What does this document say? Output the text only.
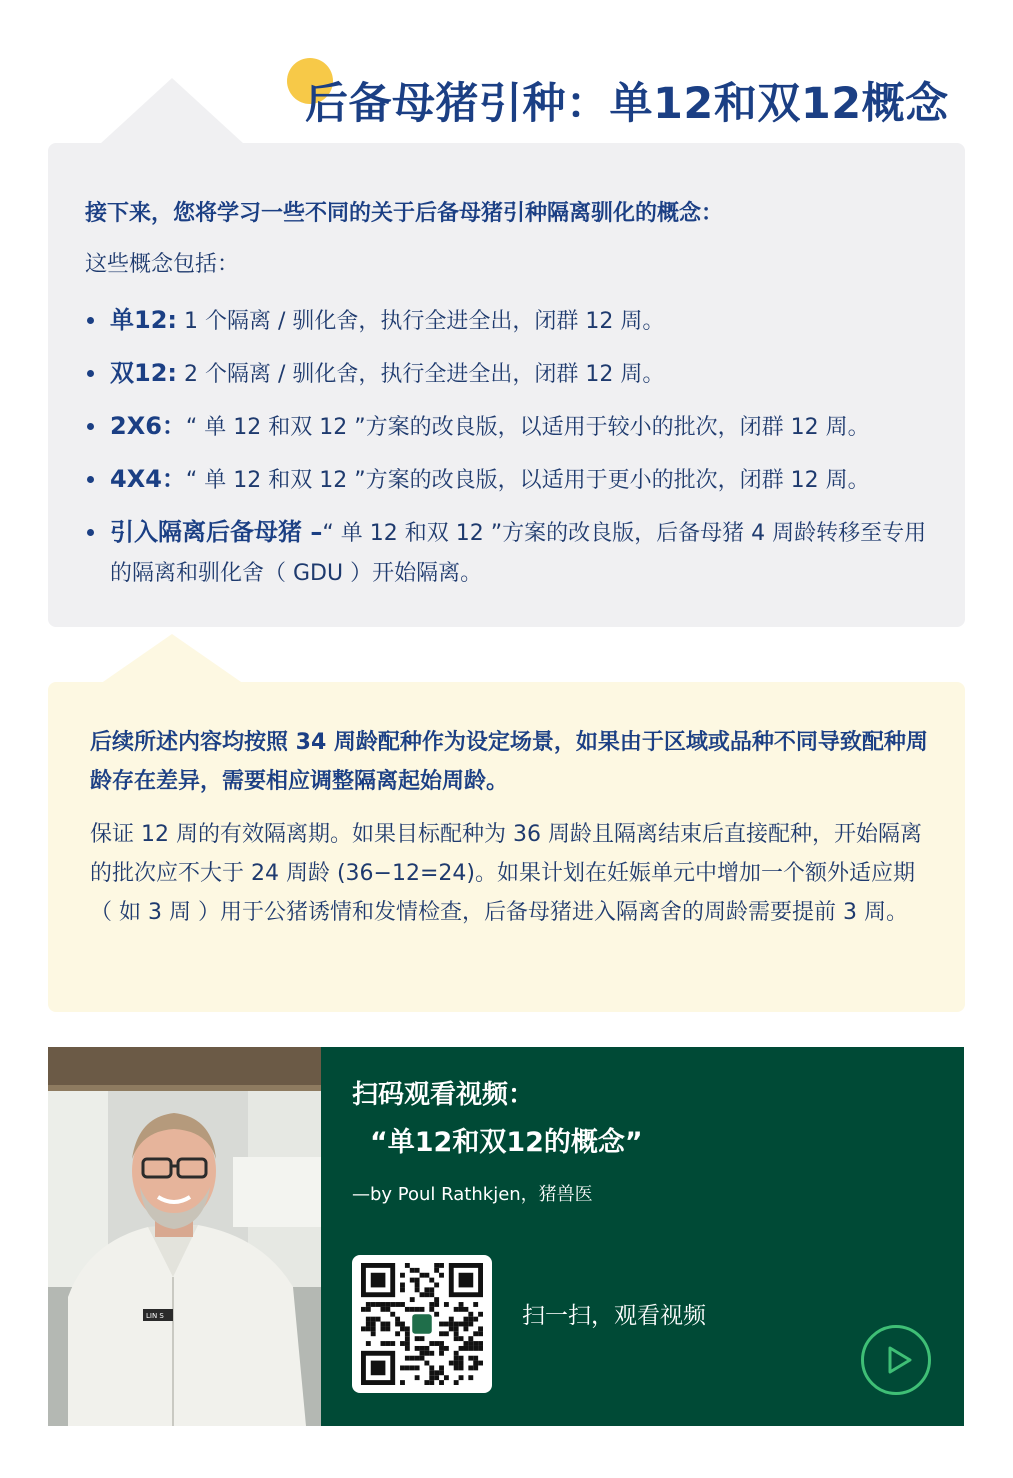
后备母猪引种：单12和双12概念
接下来，您将学习一些不同的关于后备母猪引种隔离驯化的概念：
这些概念包括：
单12: 1 个隔离 / 驯化舍，执行全进全出，闭群 12 周。
双12: 2 个隔离 / 驯化舍，执行全进全出，闭群 12 周。
2X6：“ 单 12 和双 12 ”方案的改良版，以适用于较小的批次，闭群 12 周。
4X4：“ 单 12 和双 12 ”方案的改良版，以适用于更小的批次，闭群 12 周。
引入隔离后备母猪 –“ 单 12 和双 12 ”方案的改良版，后备母猪 4 周龄转移至专用的隔离和驯化舍（ GDU ）开始隔离。

后续所述内容均按照 34 周龄配种作为设定场景，如果由于区域或品种不同导致配种周龄存在差异，需要相应调整隔离起始周龄。

保证 12 周的有效隔离期。如果目标配种为 36 周龄且隔离结束后直接配种，开始隔离的批次应不大于 24 周龄 (36−12=24)。如果计划在妊娠单元中增加一个额外适应期（ 如 3 周 ）用于公猪诱情和发情检查，后备母猪进入隔离舍的周龄需要提前 3 周。

LIN S
扫码观看视频：
“单12和双12的概念”
—by Poul Rathkjen，猪兽医
扫一扫，观看视频
